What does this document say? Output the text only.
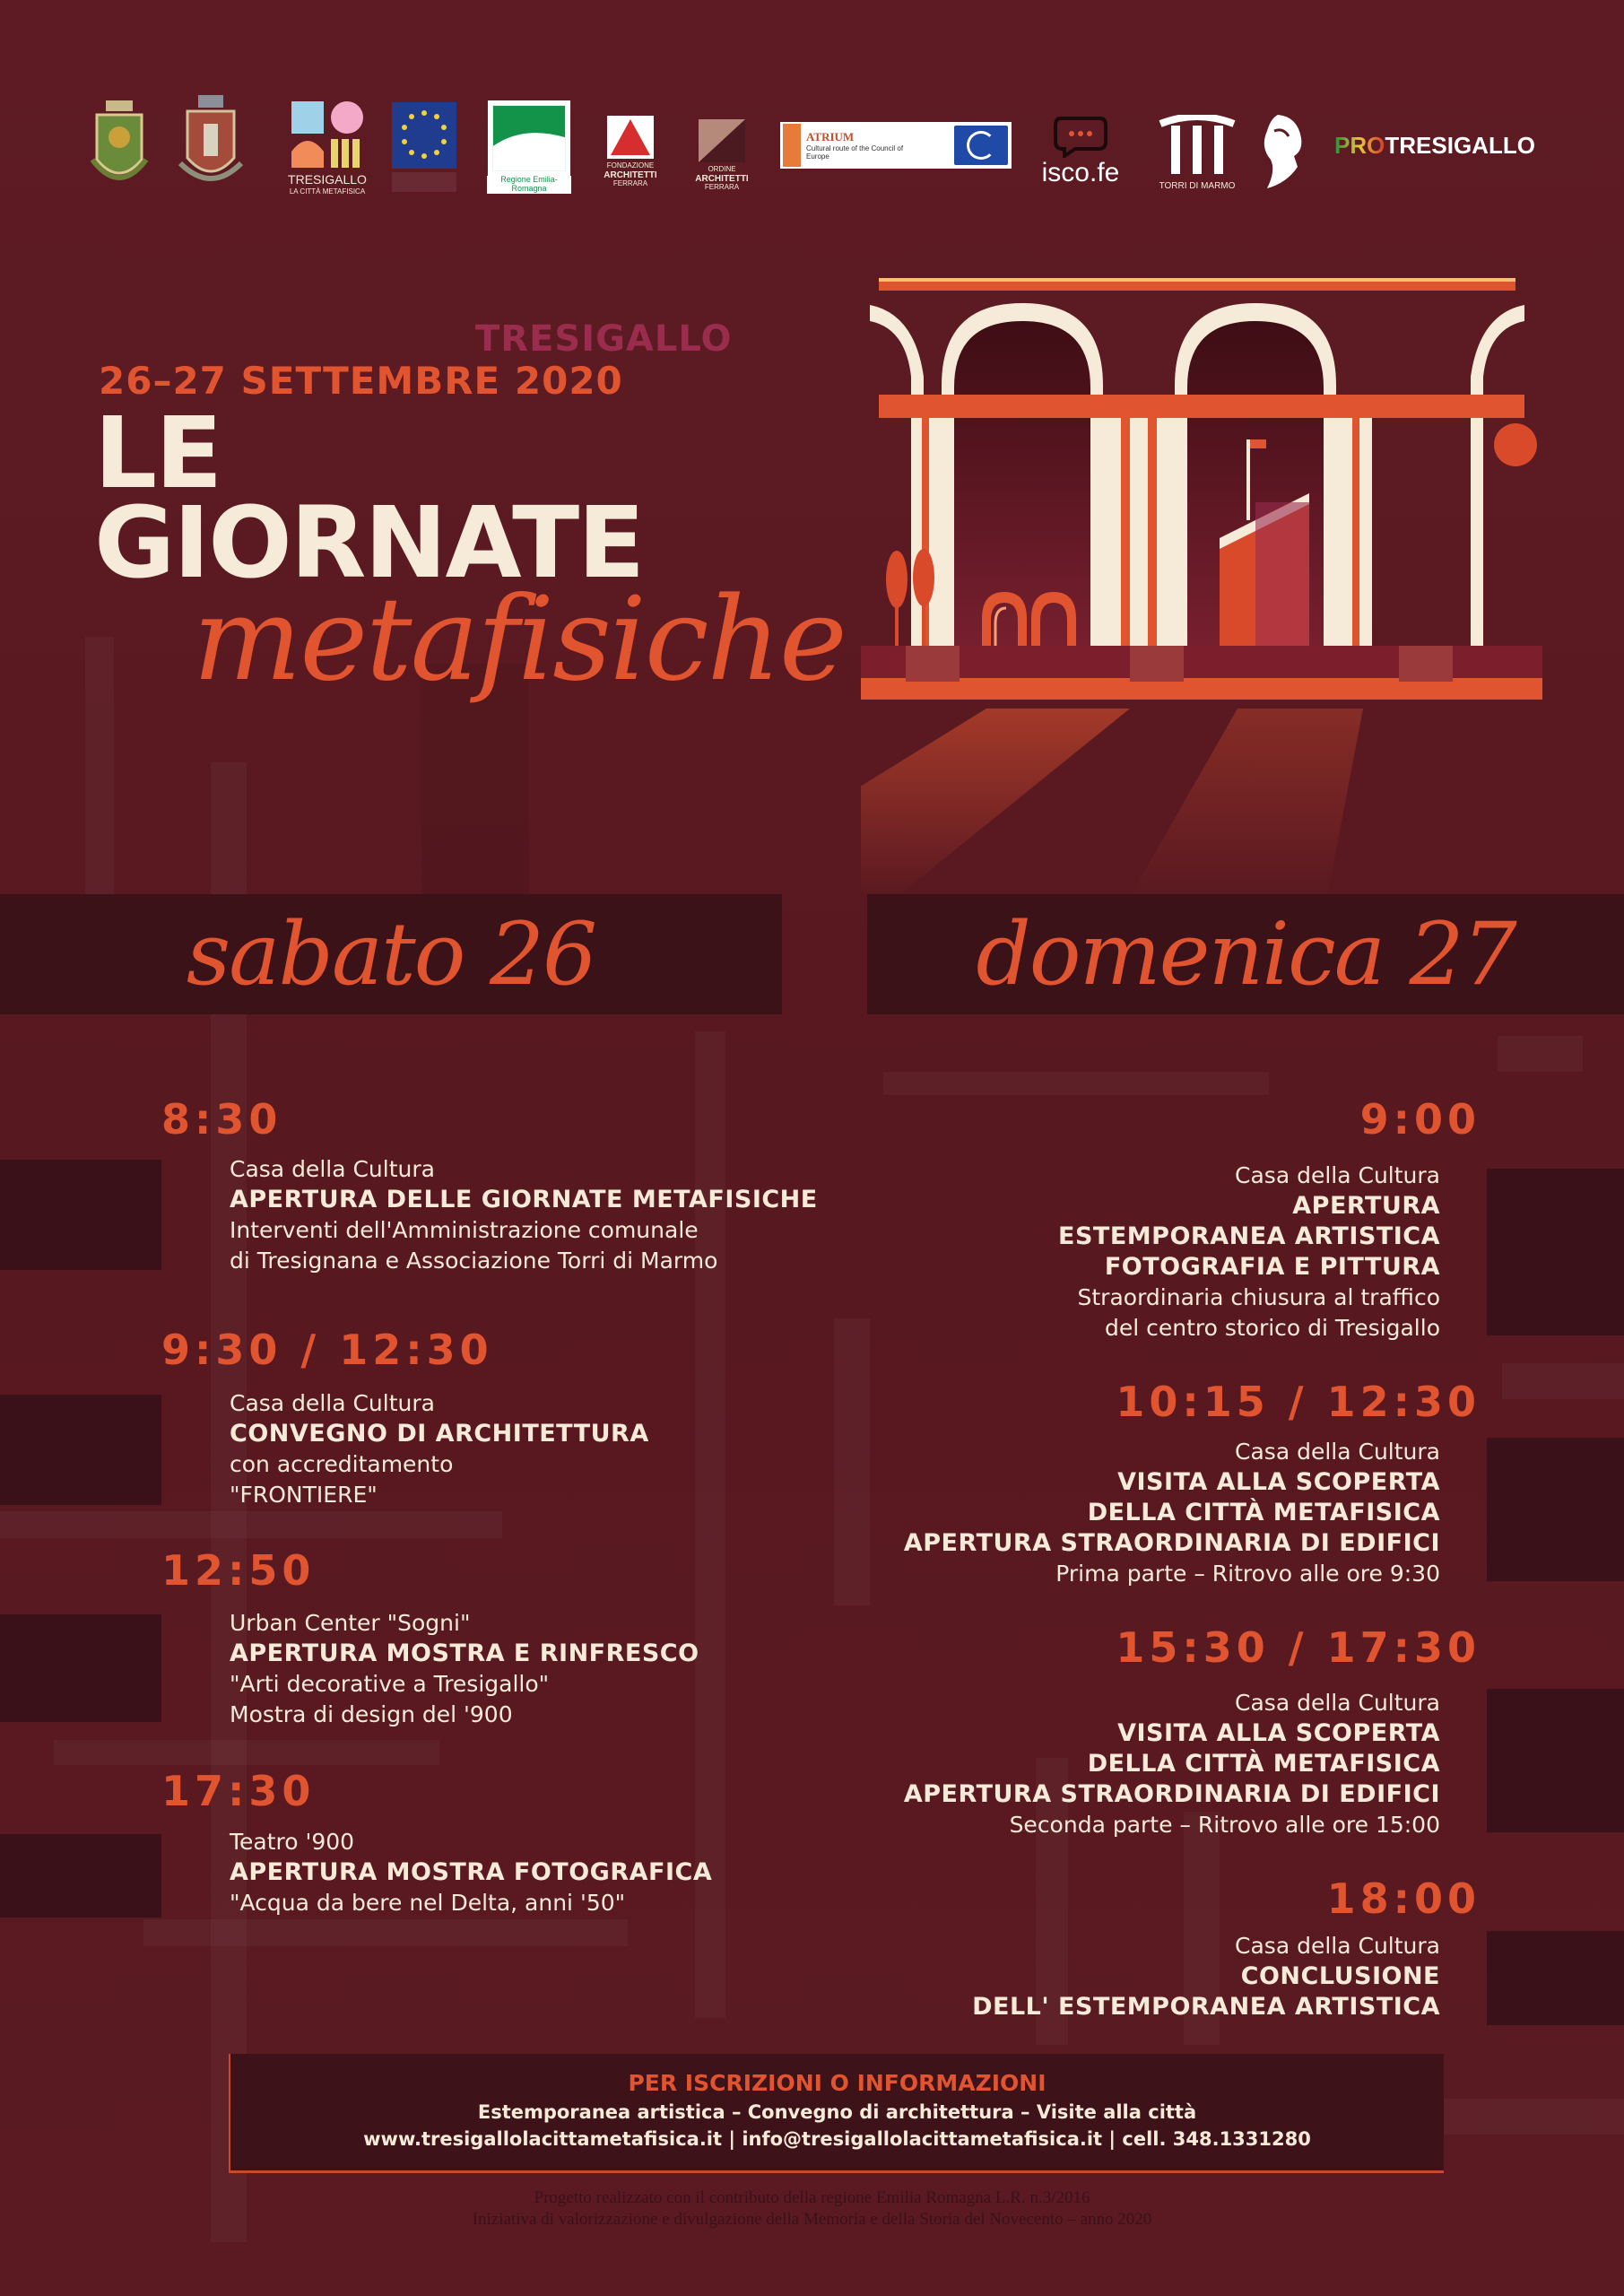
TRESIGALLO
LA CITTÀ METAFISICA
Regione Emilia-Romagna
FONDAZIONE
ARCHITETTI
FERRARA
ORDINE
ARCHITETTI
FERRARA
ATRIUM
Cultural route of the Council of Europe
isco.fe	TORRI DI MARMO
PRO TRESIGALLO
TRESIGALLO
26–27 SETTEMBRE 2020
LE
GIORNATE
metafisiche
sabato 26	domenica 27
8:30
Casa della Cultura
APERTURA DELLE GIORNATE METAFISICHE
Interventi dell'Amministrazione comunale
di Tresignana e Associazione Torri di Marmo
9:30 / 12:30
Casa della Cultura
CONVEGNO DI ARCHITETTURA
con accreditamento
"FRONTIERE"
12:50
Urban Center "Sogni"
APERTURA MOSTRA E RINFRESCO
"Arti decorative a Tresigallo"
Mostra di design del '900
17:30
Teatro '900
APERTURA MOSTRA FOTOGRAFICA
"Acqua da bere nel Delta, anni '50"
9:00
Casa della Cultura
APERTURA
ESTEMPORANEA ARTISTICA
FOTOGRAFIA E PITTURA
Straordinaria chiusura al traffico
del centro storico di Tresigallo
10:15 / 12:30
Casa della Cultura
VISITA ALLA SCOPERTA
DELLA CITTÀ METAFISICA
APERTURA STRAORDINARIA DI EDIFICI
Prima parte – Ritrovo alle ore 9:30
15:30 / 17:30
Casa della Cultura
VISITA ALLA SCOPERTA
DELLA CITTÀ METAFISICA
APERTURA STRAORDINARIA DI EDIFICI
Seconda parte – Ritrovo alle ore 15:00
18:00
Casa della Cultura
CONCLUSIONE
DELL' ESTEMPORANEA ARTISTICA
PER ISCRIZIONI O INFORMAZIONI
Estemporanea artistica – Convegno di architettura – Visite alla città
www.tresigallolacittametafisica.it | info@tresigallolacittametafisica.it | cell. 348.1331280
Progetto realizzato con il contributo della regione Emilia Romagna L.R. n.3/2016
Iniziativa di valorizzazione e divulgazione della Memoria e della Storia del Novecento – anno 2020
